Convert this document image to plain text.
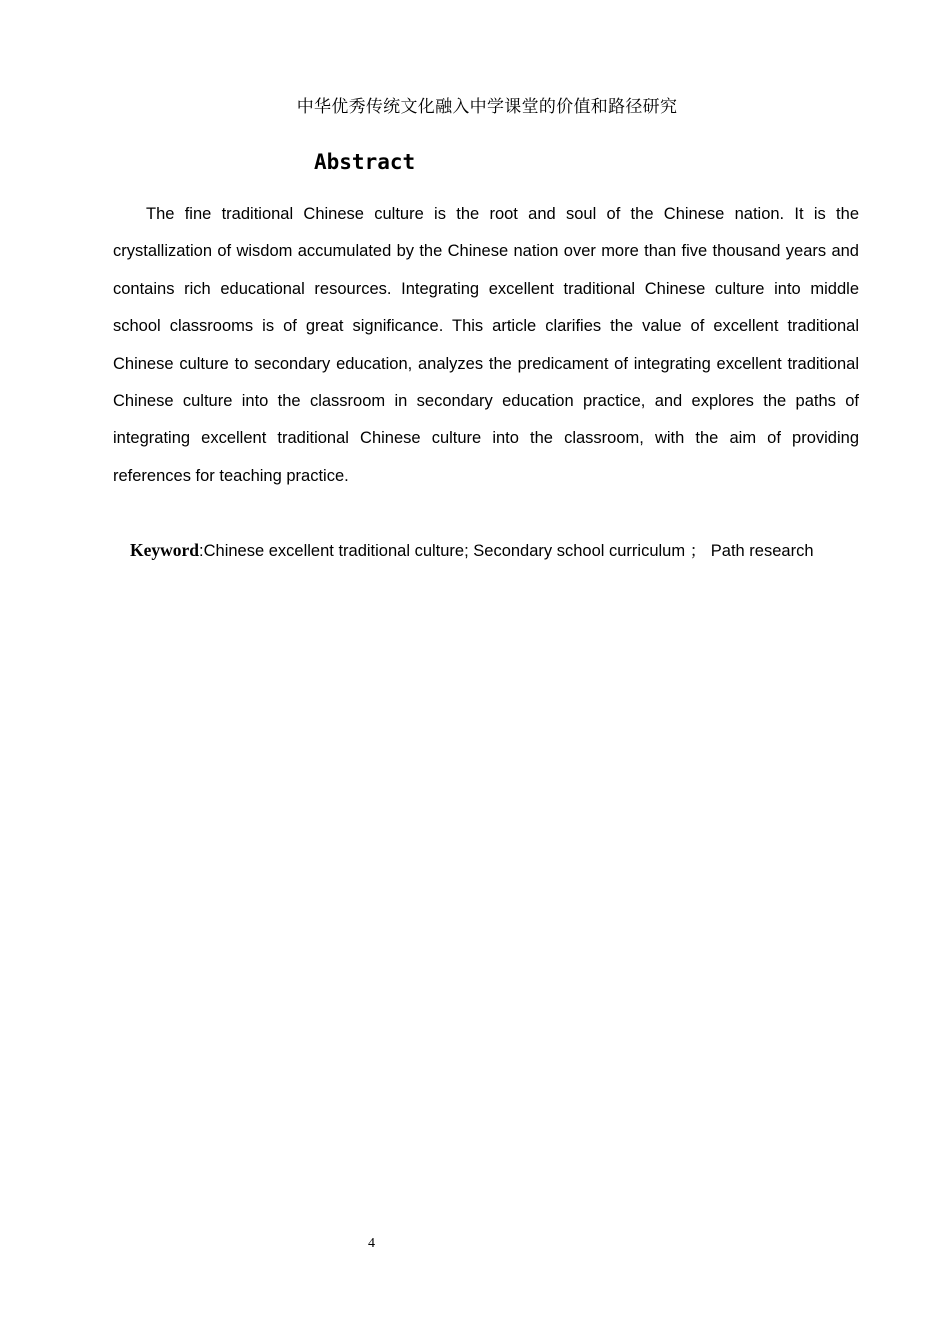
中华优秀传统文化融入中学课堂的价值和路径研究
Abstract

The fine traditional Chinese culture is the root and soul of the Chinese nation. It is the crystallization of wisdom accumulated by the Chinese nation over more than five thousand years and contains rich educational resources. Integrating excellent traditional Chinese culture into middle school classrooms is of great significance. This article clarifies the value of excellent traditional Chinese culture to secondary education, analyzes the predicament of integrating excellent traditional Chinese culture into the classroom in secondary education practice, and explores the paths of integrating excellent traditional Chinese culture into the classroom, with the aim of providing references for teaching practice.

Keyword:Chinese excellent traditional culture; Secondary school curriculum ； Path research

4
